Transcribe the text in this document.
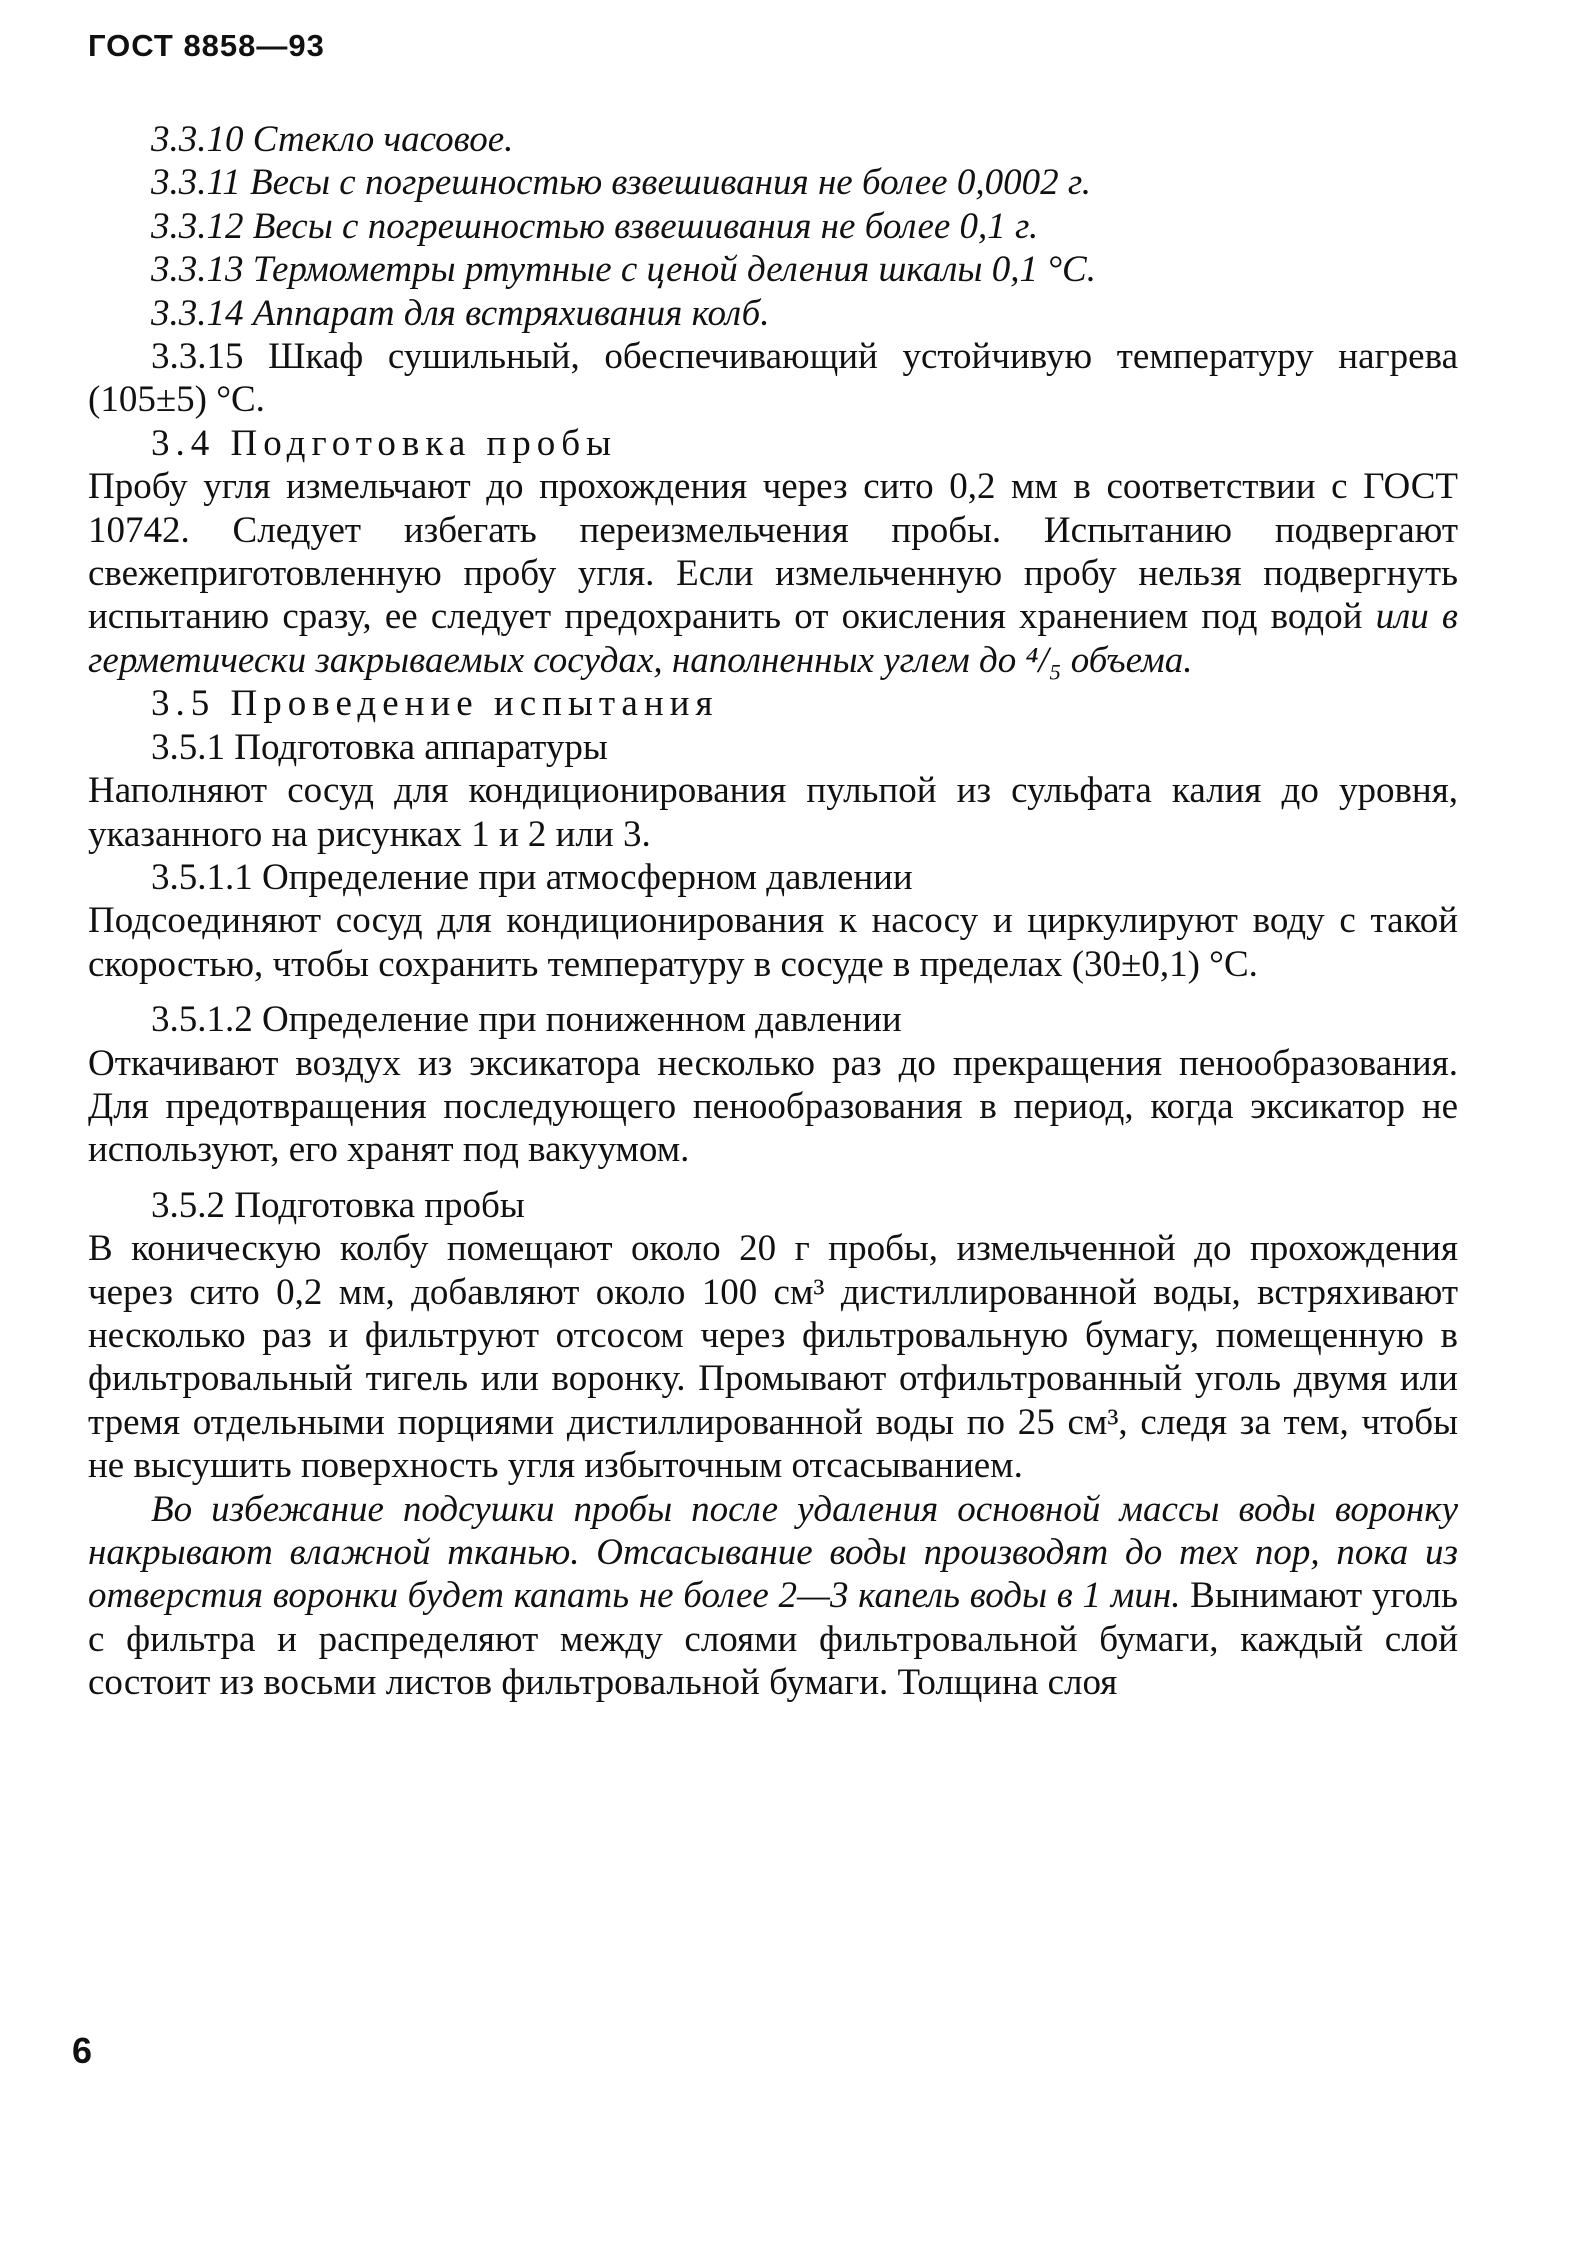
ГОСТ 8858—93

3.3.10 Стекло часовое.

3.3.11 Весы с погрешностью взвешивания не более 0,0002 г.

3.3.12 Весы с погрешностью взвешивания не более 0,1 г.

3.3.13 Термометры ртутные с ценой деления шкалы 0,1 °С.

3.3.14 Аппарат для встряхивания колб.

3.3.15 Шкаф сушильный, обеспечивающий устойчивую температуру нагрева (105±5) °С.

3.4 Подготовка пробы

Пробу угля измельчают до прохождения через сито 0,2 мм в соответствии с ГОСТ 10742. Следует избегать переизмельчения пробы. Испытанию подвергают свежеприготовленную пробу угля. Если измельченную пробу нельзя подвергнуть испытанию сразу, ее следует предохранить от окисления хранением под водой или в герметически закрываемых сосудах, наполненных углем до ⁴/₅ объема.

3.5 Проведение испытания

3.5.1 Подготовка аппаратуры

Наполняют сосуд для кондиционирования пульпой из сульфата калия до уровня, указанного на рисунках 1 и 2 или 3.

3.5.1.1 Определение при атмосферном давлении

Подсоединяют сосуд для кондиционирования к насосу и циркулируют воду с такой скоростью, чтобы сохранить температуру в сосуде в пределах (30±0,1) °С.

3.5.1.2 Определение при пониженном давлении

Откачивают воздух из эксикатора несколько раз до прекращения пенообразования. Для предотвращения последующего пенообразования в период, когда эксикатор не используют, его хранят под вакуумом.

3.5.2 Подготовка пробы

В коническую колбу помещают около 20 г пробы, измельченной до прохождения через сито 0,2 мм, добавляют около 100 см³ дистиллированной воды, встряхивают несколько раз и фильтруют отсосом через фильтровальную бумагу, помещенную в фильтровальный тигель или воронку. Промывают отфильтрованный уголь двумя или тремя отдельными порциями дистиллированной воды по 25 см³, следя за тем, чтобы не высушить поверхность угля избыточным отсасыванием.

Во избежание подсушки пробы после удаления основной массы воды воронку накрывают влажной тканью. Отсасывание воды производят до тех пор, пока из отверстия воронки будет капать не более 2—3 капель воды в 1 мин. Вынимают уголь с фильтра и распределяют между слоями фильтровальной бумаги, каждый слой состоит из восьми листов фильтровальной бумаги. Толщина слоя

6
